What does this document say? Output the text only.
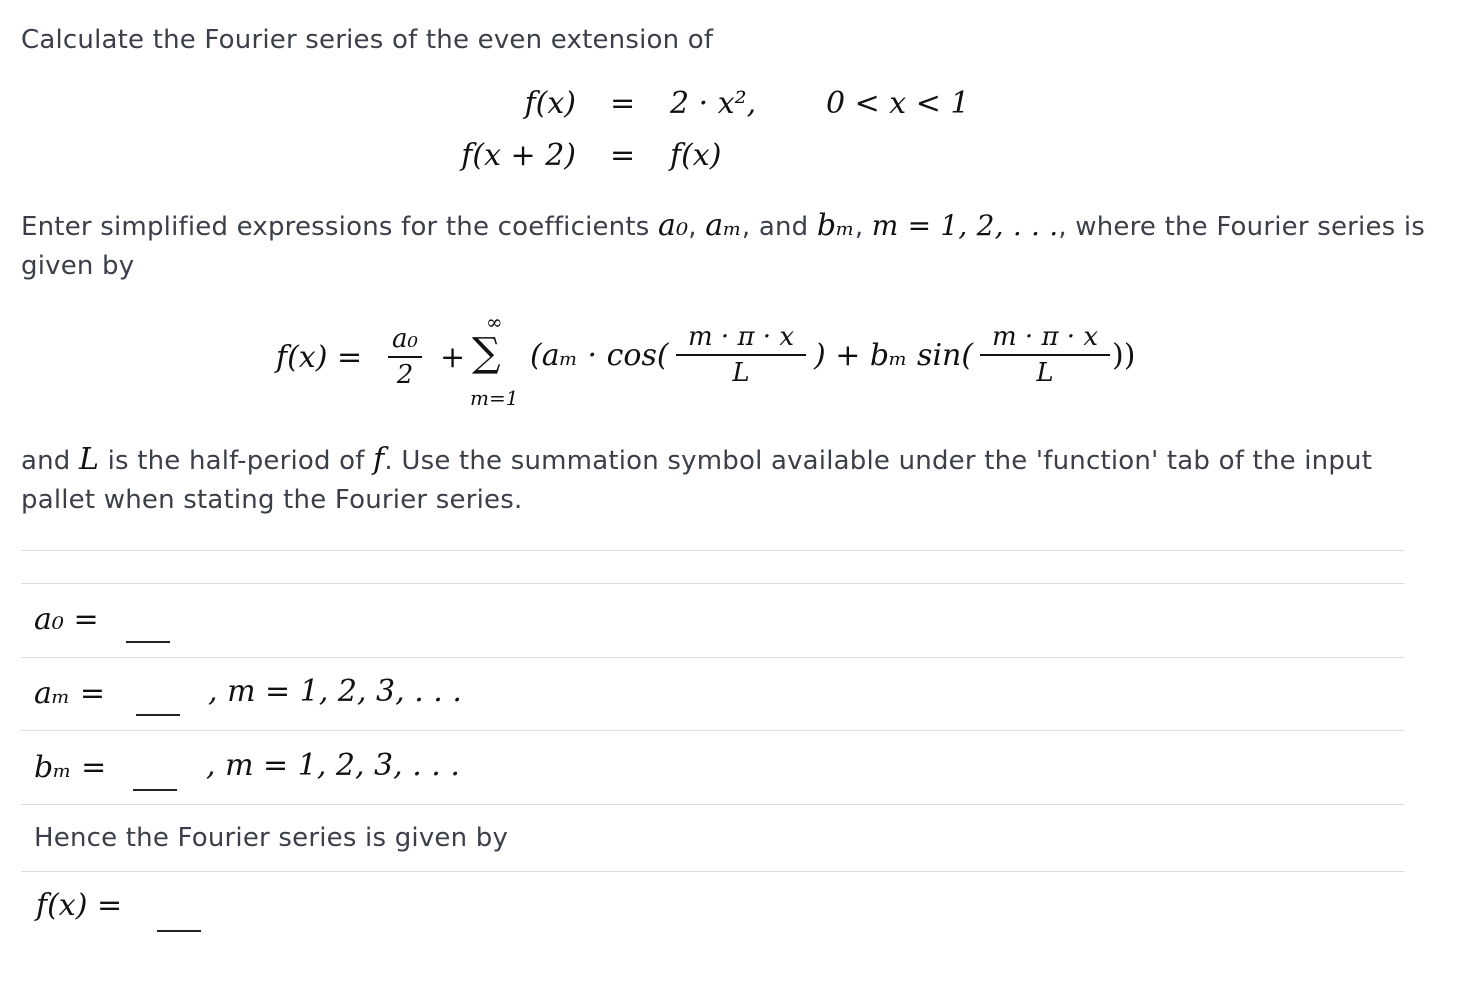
Calculate the Fourier series of the even extension of
f(x) = 2 · x², 0 < x < 1
f(x + 2) = f(x)
Enter simplified expressions for the coefficients a₀, aₘ, and bₘ, m = 1, 2, . . ., where the Fourier series is
given by
f(x) =
a₀
2 +
∞
∑
m=1
(aₘ · cos(
m · π · x
L	) + bₘ sin(
m · π · x
L	))
and L is the half-period of f. Use the summation symbol available under the 'function' tab of the input
pallet when stating the Fourier series.
a₀ =
aₘ =	, m = 1, 2, 3, . . .
bₘ =	, m = 1, 2, 3, . . .
Hence the Fourier series is given by
f(x) =
